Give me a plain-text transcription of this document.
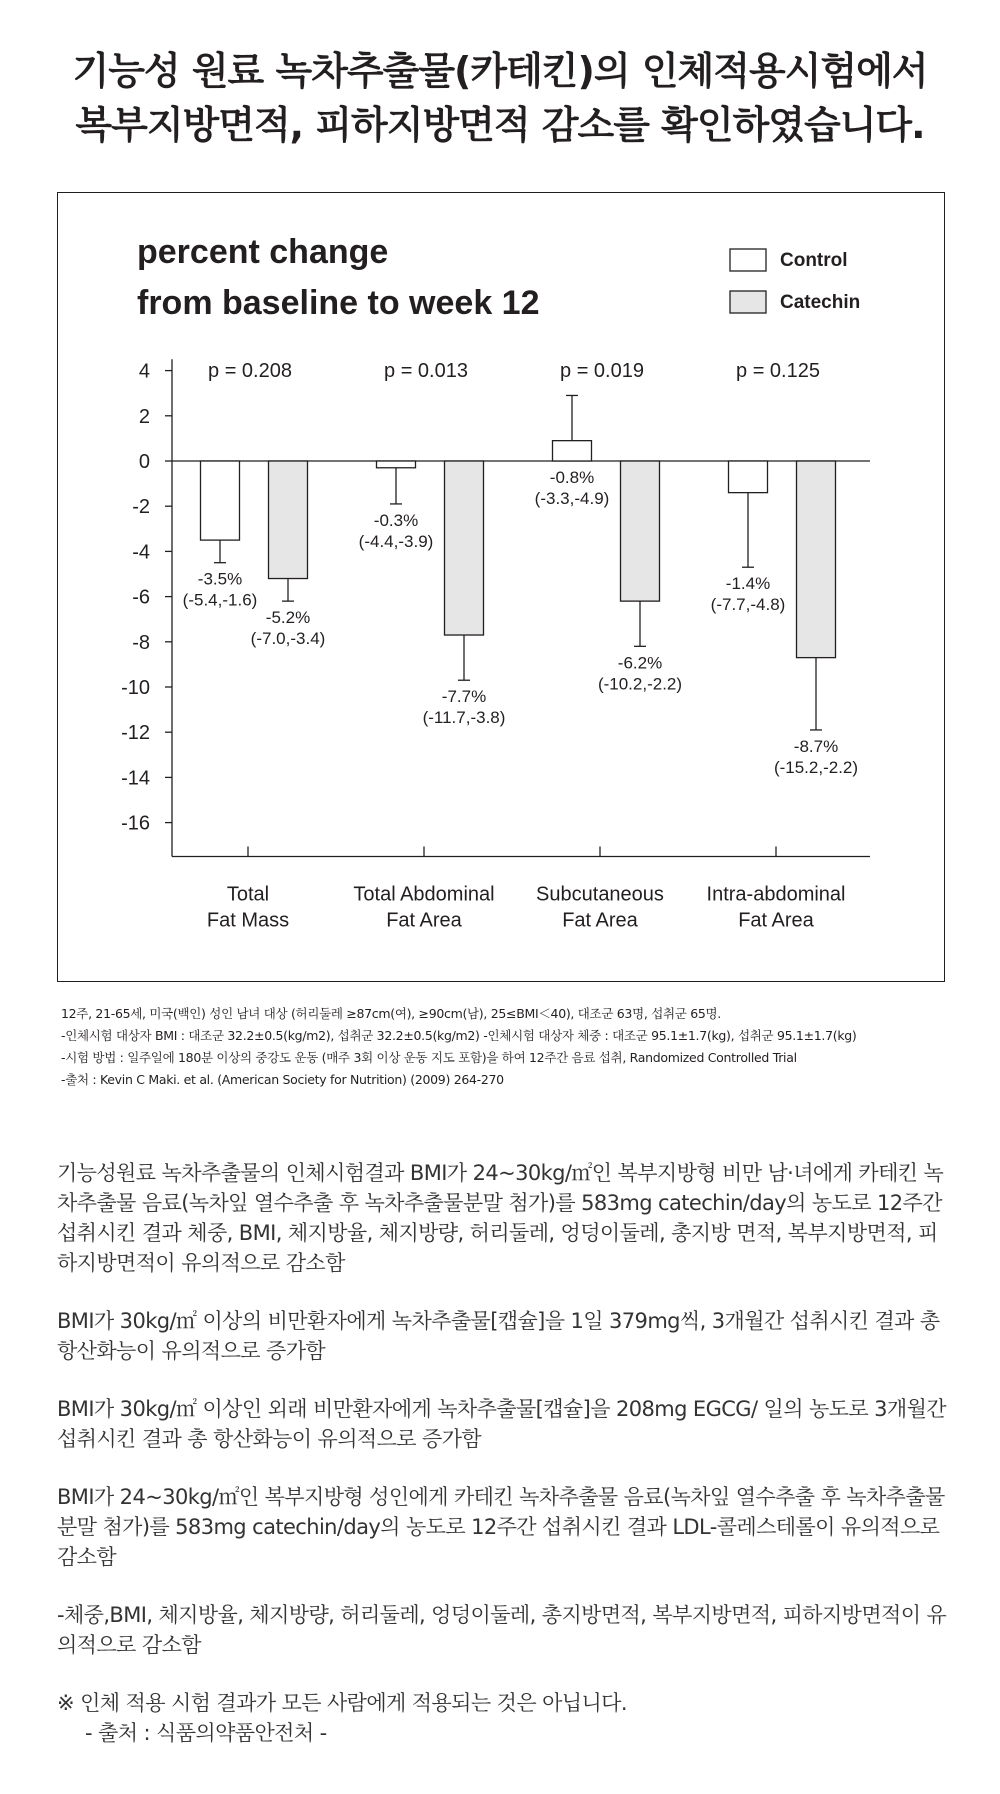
기능성 원료 녹차추출물(카테킨)의 인체적용시험에서
복부지방면적, 피하지방면적 감소를 확인하였습니다.
percent change
from baseline to week 12
Control
Catechin
4
2
0
-2
-4
-6
-8
-10
-12
-14
-16
Total
Fat Mass
Total Abdominal
Fat Area
Subcutaneous
Fat Area
Intra-abdominal
Fat Area
p = 0.208	p = 0.013	p = 0.019	p = 0.125
-3.5%
(-5.4,-1.6)
-0.3%
(-4.4,-3.9)
-0.8%
(-3.3,-4.9)
-1.4%
(-7.7,-4.8)
-5.2%
(-7.0,-3.4)
-7.7%
(-11.7,-3.8)
-6.2%
(-10.2,-2.2)
-8.7%
(-15.2,-2.2)
12주, 21-65세, 미국(백인) 성인 남녀 대상 (허리둘레 ≥87cm(여), ≥90cm(남), 25≤BMI＜40), 대조군 63명, 섭취군 65명.
-인체시험 대상자 BMI : 대조군 32.2±0.5(kg/m2), 섭취군 32.2±0.5(kg/m2) -인체시험 대상자 체중 : 대조군 95.1±1.7(kg), 섭취군 95.1±1.7(kg)
-시험 방법 : 일주일에 180분 이상의 중강도 운동 (매주 3회 이상 운동 지도 포함)을 하여 12주간 음료 섭취, Randomized Controlled Trial
-출처 : Kevin C Maki. et al. (American Society for Nutrition) (2009) 264-270

기능성원료 녹차추출물의 인체시험결과 BMI가 24~30kg/㎡인 복부지방형 비만 남·녀에게 카테킨 녹차추출물 음료(녹차잎 열수추출 후 녹차추출물분말 첨가)를 583mg catechin/day의 농도로 12주간 섭취시킨 결과 체중, BMI, 체지방율, 체지방량, 허리둘레, 엉덩이둘레, 총지방 면적, 복부지방면적, 피하지방면적이 유의적으로 감소함

BMI가 30kg/㎡ 이상의 비만환자에게 녹차추출물[캡슐]을 1일 379mg씩, 3개월간 섭취시킨 결과 총 항산화능이 유의적으로 증가함

BMI가 30kg/㎡ 이상인 외래 비만환자에게 녹차추출물[캡슐]을 208mg EGCG/ 일의 농도로 3개월간 섭취시킨 결과 총 항산화능이 유의적으로 증가함

BMI가 24~30kg/㎡인 복부지방형 성인에게 카테킨 녹차추출물 음료(녹차잎 열수추출 후 녹차추출물분말 첨가)를 583mg catechin/day의 농도로 12주간 섭취시킨 결과 LDL-콜레스테롤이 유의적으로 감소함

-체중,BMI, 체지방율, 체지방량, 허리둘레, 엉덩이둘레, 총지방면적, 복부지방면적, 피하지방면적이 유의적으로 감소함

※ 인체 적용 시험 결과가 모든 사람에게 적용되는 것은 아닙니다.

- 출처 : 식품의약품안전처 -
